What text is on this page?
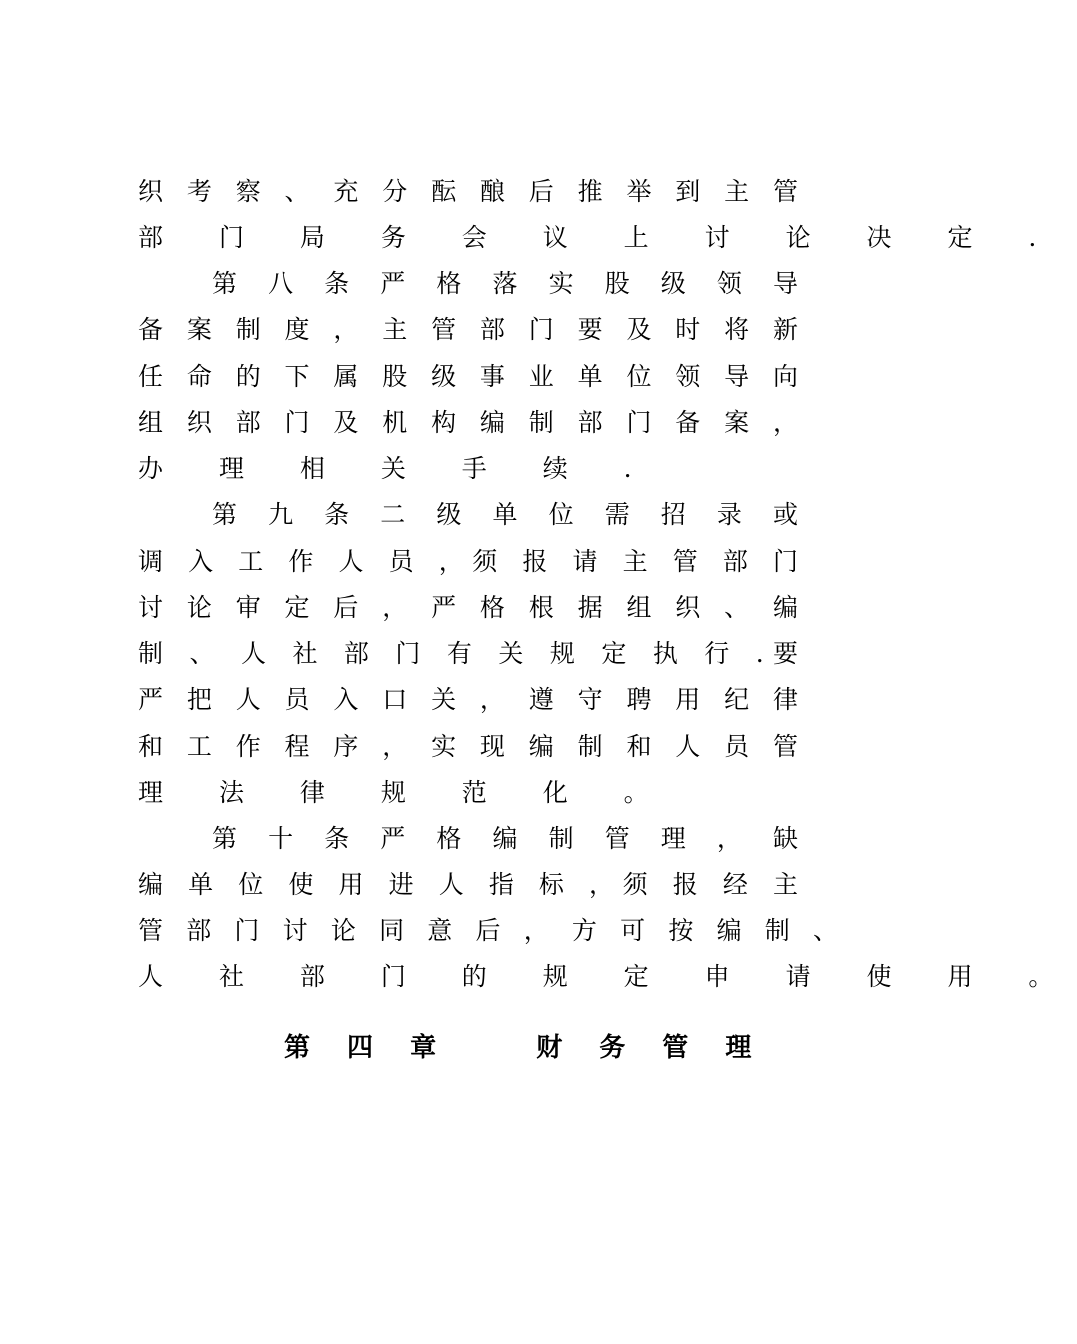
织 考 察 、 充 分 酝 酿 后 推 举 到 主 管
部 门 局 务 会 议 上 讨 论 决 定 .
第 八 条 严 格 落 实 股 级 领 导
备 案 制 度 ， 主 管 部 门 要 及 时 将 新
任 命 的 下 属 股 级 事 业 单 位 领 导 向
组 织 部 门 及 机 构 编 制 部 门 备 案 ，
办 理 相 关 手 续 .
第 九 条 二 级 单 位 需 招 录 或
调 入 工 作 人 员 ，须 报 请 主 管 部 门
讨 论 审 定 后 ， 严 格 根 据 组 织 、 编
制 、 人 社 部 门 有 关 规 定 执 行 .要
严 把 人 员 入 口 关 ， 遵 守 聘 用 纪 律
和 工 作 程 序 ， 实 现 编 制 和 人 员 管
理 法 律 规 范 化 。
第 十 条 严 格 编 制 管 理 ， 缺
编 单 位 使 用 进 人 指 标 ，须 报 经 主
管 部 门 讨 论 同 意 后 ， 方 可 按 编 制 、
人 社 部 门 的 规 定 申 请 使 用 。
第 四 章 　 财 务 管 理
